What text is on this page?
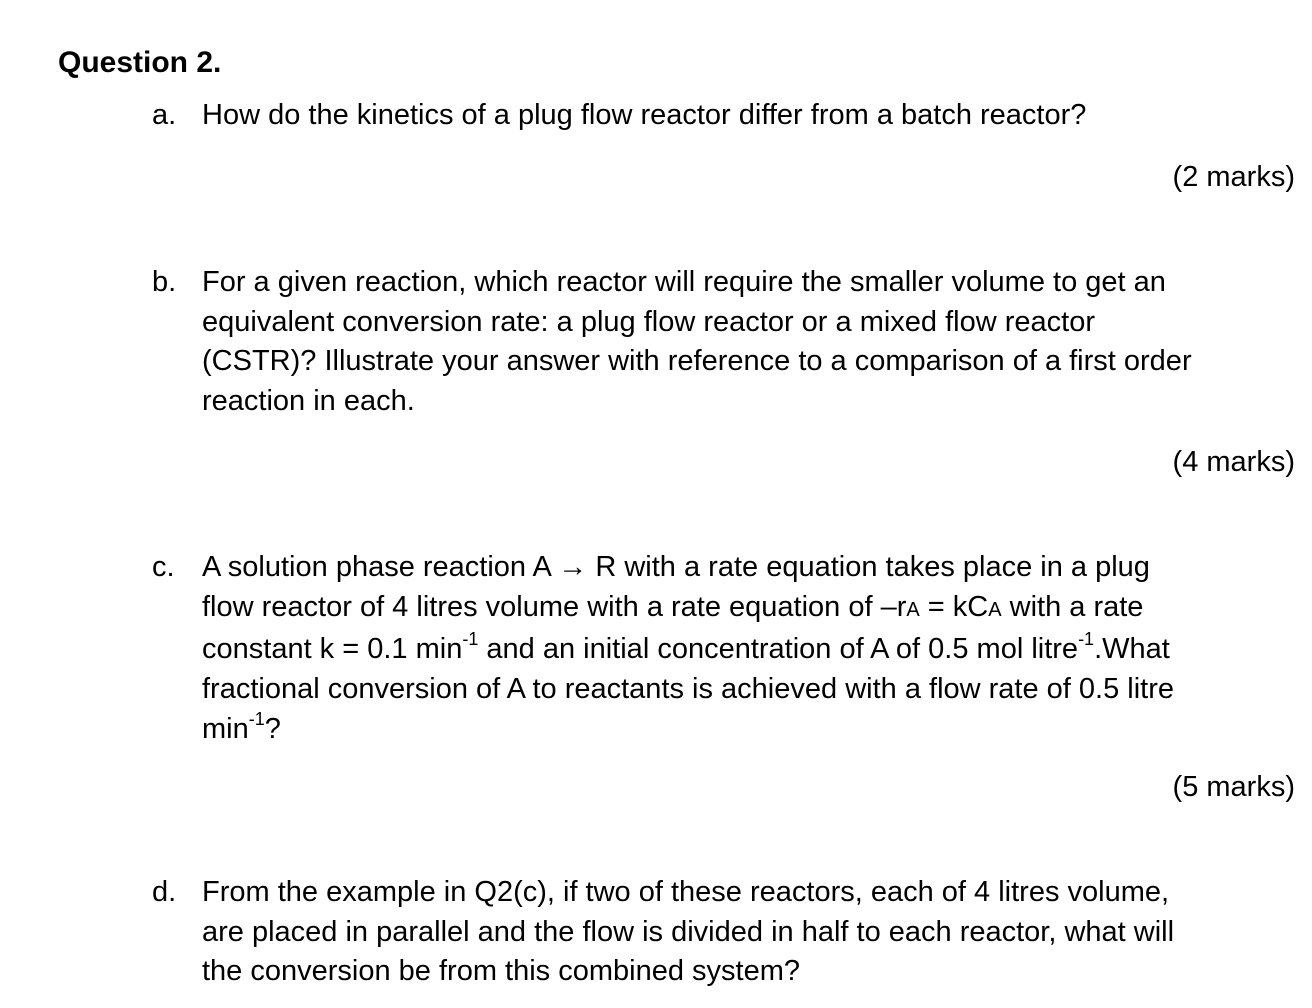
Question 2.
a. How do the kinetics of a plug flow reactor differ from a batch reactor?
(2 marks)
b. For a given reaction, which reactor will require the smaller volume to get an
equivalent conversion rate: a plug flow reactor or a mixed flow reactor
(CSTR)? Illustrate your answer with reference to a comparison of a first order
reaction in each.
(4 marks)
c. A solution phase reaction A → R with a rate equation takes place in a plug
flow reactor of 4 litres volume with a rate equation of –rA = kCA with a rate
constant k = 0.1 $\min^{-1}$ and an initial concentration of A of 0.5 mol litre$^{-1}$.What
fractional conversion of A to reactants is achieved with a flow rate of 0.5 litre
$\min^{-1}$?
(5 marks)
d. From the example in Q2(c), if two of these reactors, each of 4 litres volume,
are placed in parallel and the flow is divided in half to each reactor, what will
the conversion be from this combined system?
